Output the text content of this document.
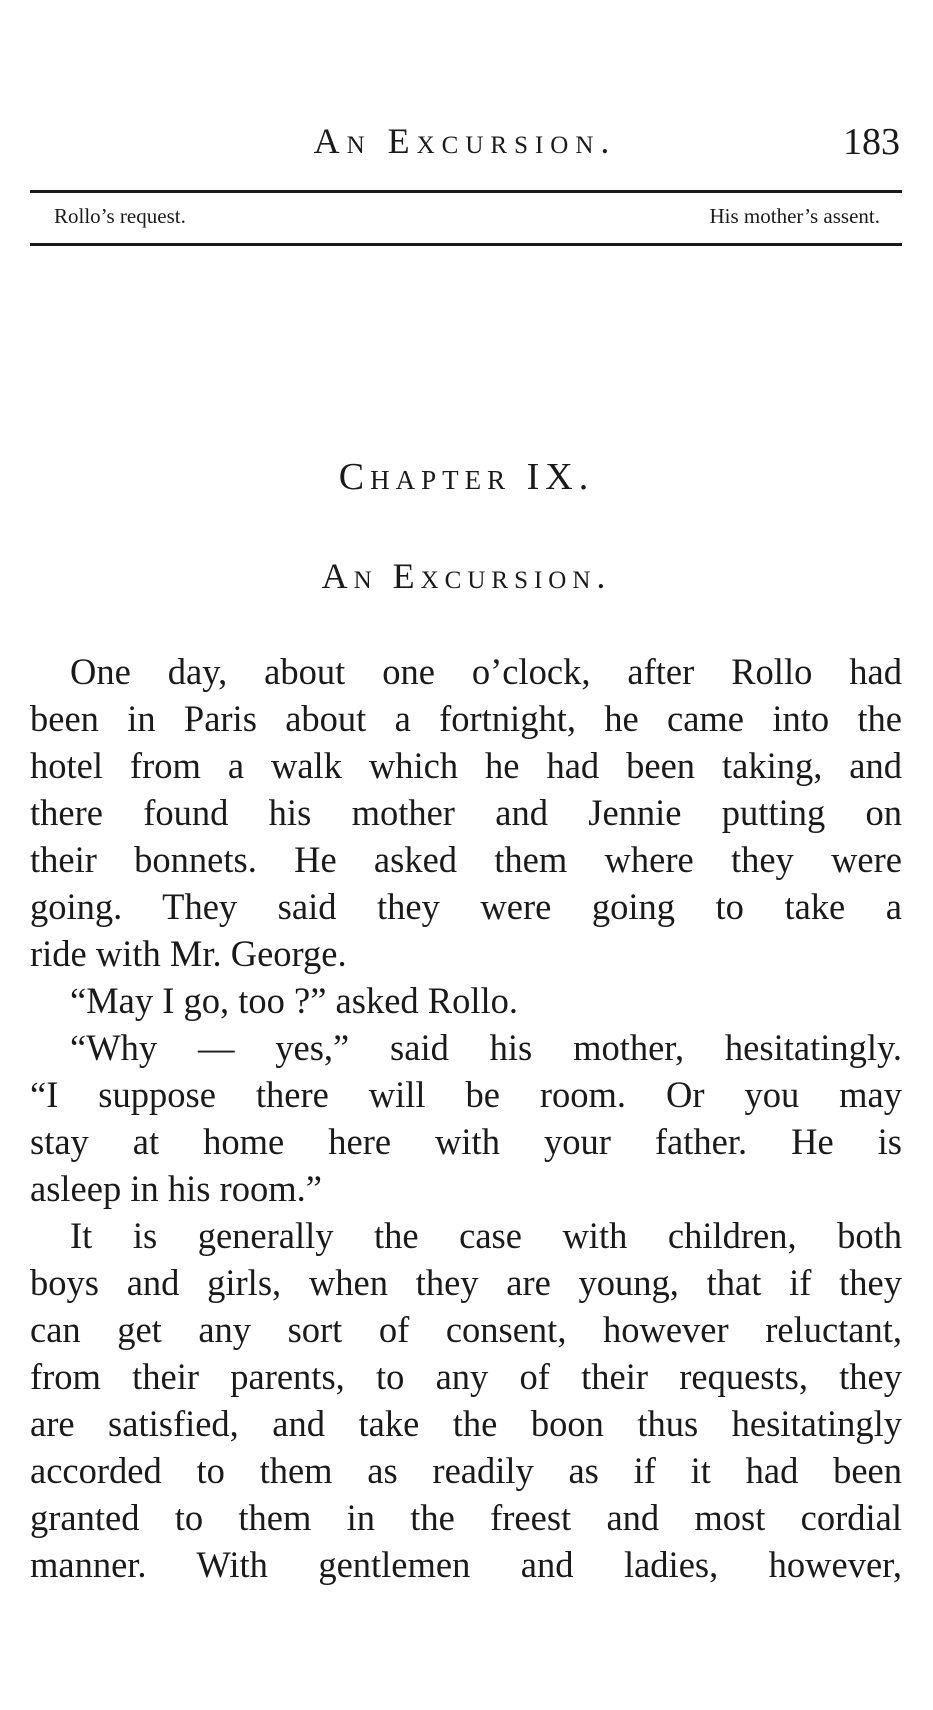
An Excursion.	183
Rollo’s request.	His mother’s assent.
Chapter IX.
An Excursion.
One day, about one o’clock, after Rollo had
been in Paris about a fortnight, he came into the
hotel from a walk which he had been taking, and
there found his mother and Jennie putting on
their bonnets. He asked them where they were
going. They said they were going to take a
ride with Mr. George.
“May I go, too ?” asked Rollo.
“Why — yes,” said his mother, hesitatingly.
“I suppose there will be room. Or you may
stay at home here with your father. He is
asleep in his room.”
It is generally the case with children, both
boys and girls, when they are young, that if they
can get any sort of consent, however reluctant,
from their parents, to any of their requests, they
are satisfied, and take the boon thus hesitatingly
accorded to them as readily as if it had been
granted to them in the freest and most cordial
manner. With gentlemen and ladies, however,
